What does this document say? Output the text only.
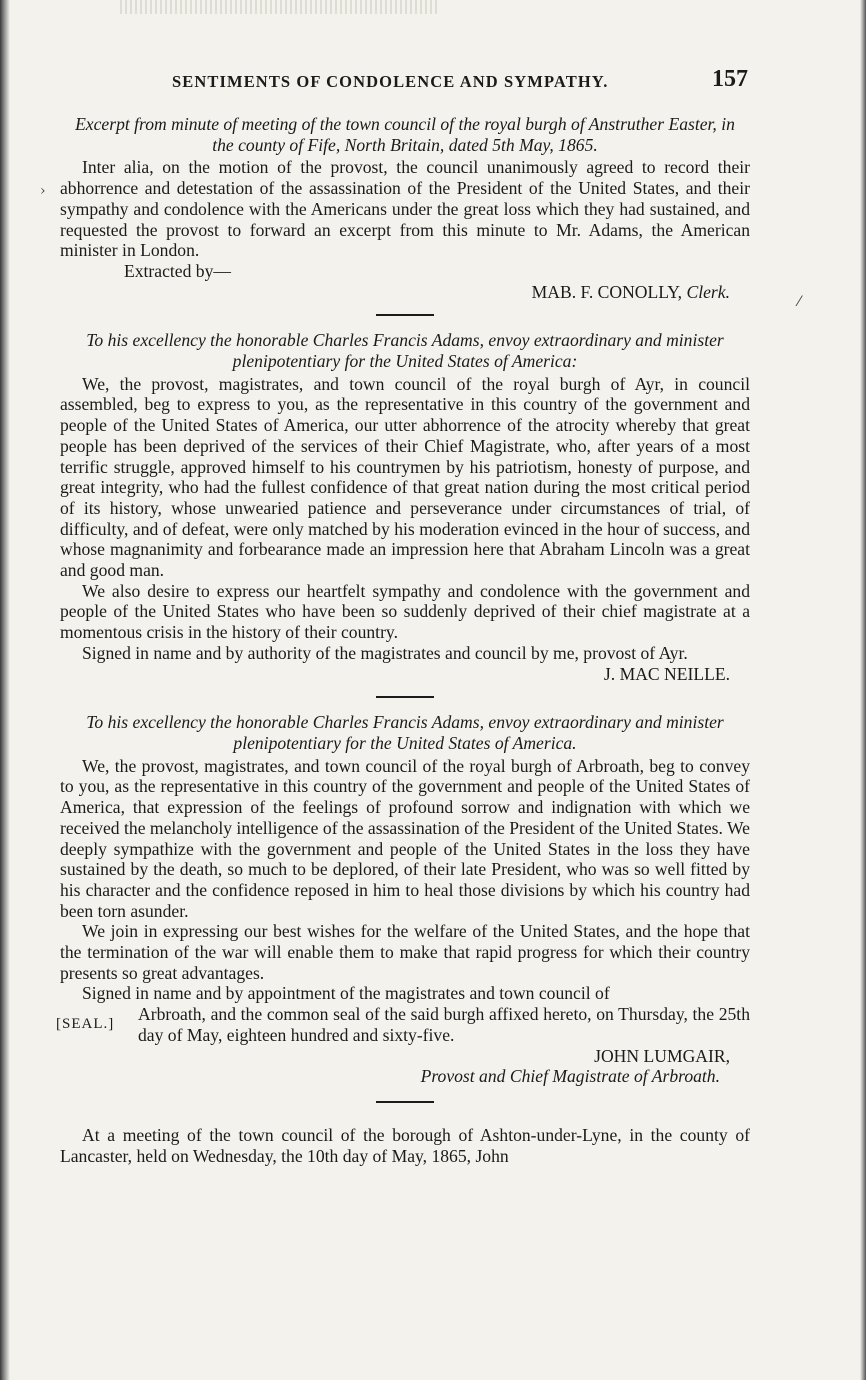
SENTIMENTS OF CONDOLENCE AND SYMPATHY.	157

Excerpt from minute of meeting of the town council of the royal burgh of Anstruther Easter, in the county of Fife, North Britain, dated 5th May, 1865.

Inter alia, on the motion of the provost, the council unanimously agreed to record their abhorrence and detestation of the assassination of the President of the United States, and their sympathy and condolence with the Americans under the great loss which they had sustained, and requested the provost to forward an excerpt from this minute to Mr. Adams, the American minister in London.

Extracted by—

MAB. F. CONOLLY, Clerk.

To his excellency the honorable Charles Francis Adams, envoy extraordinary and minister plenipotentiary for the United States of America:

We, the provost, magistrates, and town council of the royal burgh of Ayr, in council assembled, beg to express to you, as the representative in this country of the government and people of the United States of America, our utter abhorrence of the atrocity whereby that great people has been deprived of the services of their Chief Magistrate, who, after years of a most terrific struggle, approved himself to his countrymen by his patriotism, honesty of purpose, and great integrity, who had the fullest confidence of that great nation during the most critical period of its history, whose unwearied patience and perseverance under circumstances of trial, of difficulty, and of defeat, were only matched by his moderation evinced in the hour of success, and whose magnanimity and forbearance made an impression here that Abraham Lincoln was a great and good man.

We also desire to express our heartfelt sympathy and condolence with the government and people of the United States who have been so suddenly deprived of their chief magistrate at a momentous crisis in the history of their country.

Signed in name and by authority of the magistrates and council by me, provost of Ayr.

J. MAC NEILLE.

To his excellency the honorable Charles Francis Adams, envoy extraordinary and minister plenipotentiary for the United States of America.

We, the provost, magistrates, and town council of the royal burgh of Arbroath, beg to convey to you, as the representative in this country of the government and people of the United States of America, that expression of the feelings of profound sorrow and indignation with which we received the melancholy intelligence of the assassination of the President of the United States. We deeply sympathize with the government and people of the United States in the loss they have sustained by the death, so much to be deplored, of their late President, who was so well fitted by his character and the confidence reposed in him to heal those divisions by which his country had been torn asunder.

We join in expressing our best wishes for the welfare of the United States, and the hope that the termination of the war will enable them to make that rapid progress for which their country presents so great advantages.

Signed in name and by appointment of the magistrates and town council of

[SEAL.] Arbroath, and the common seal of the said burgh affixed hereto, on Thursday, the 25th day of May, eighteen hundred and sixty-five.

JOHN LUMGAIR,

Provost and Chief Magistrate of Arbroath.

At a meeting of the town council of the borough of Ashton-under-Lyne, in the county of Lancaster, held on Wednesday, the 10th day of May, 1865, John

⁄
›
